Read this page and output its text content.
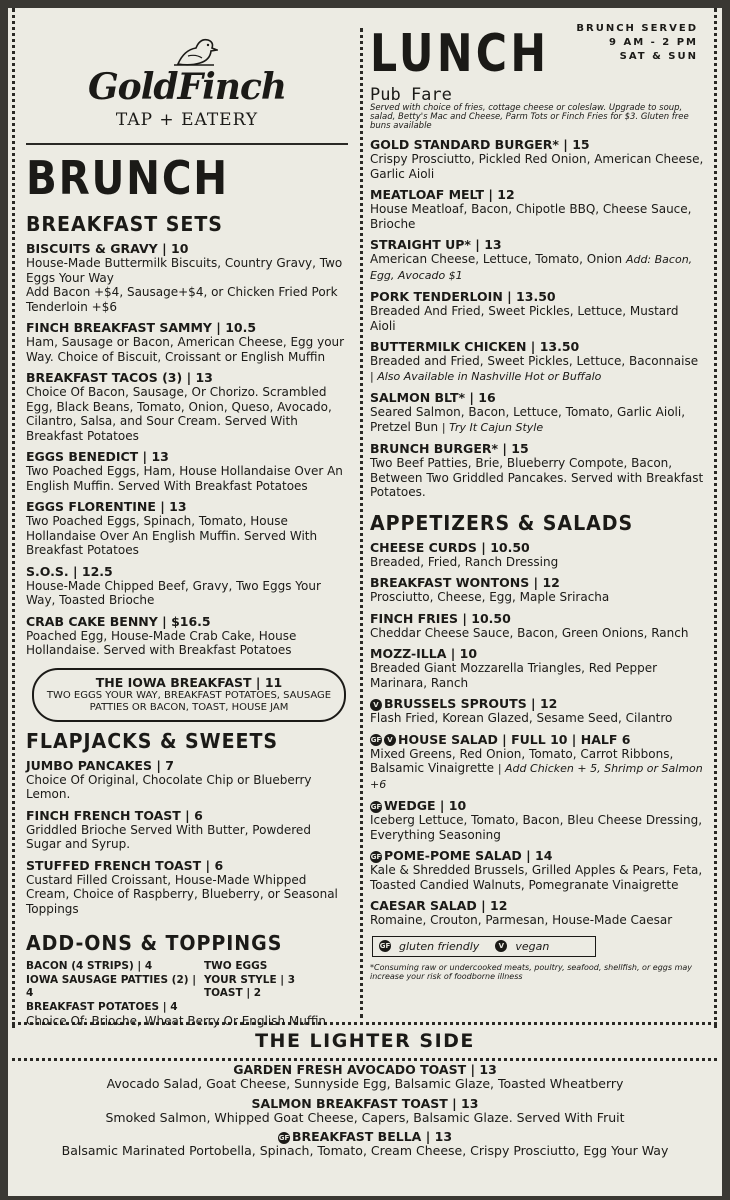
GoldFinch
TAP + EATERY
BRUNCH
BREAKFAST SETS
BISCUITS & GRAVY | 10
House-Made Buttermilk Biscuits, Country Gravy, Two Eggs Your Way
Add Bacon +$4, Sausage+$4, or Chicken Fried Pork Tenderloin +$6
FINCH BREAKFAST SAMMY | 10.5
Ham, Sausage or Bacon, American Cheese, Egg your Way. Choice of Biscuit, Croissant or English Muffin
BREAKFAST TACOS (3) | 13
Choice Of Bacon, Sausage, Or Chorizo. Scrambled Egg, Black Beans, Tomato, Onion, Queso, Avocado, Cilantro, Salsa, and Sour Cream. Served With Breakfast Potatoes
EGGS BENEDICT | 13
Two Poached Eggs, Ham, House Hollandaise Over An English Muffin. Served With Breakfast Potatoes
EGGS FLORENTINE | 13
Two Poached Eggs, Spinach, Tomato, House Hollandaise Over An English Muffin. Served With Breakfast Potatoes
S.O.S. | 12.5
House-Made Chipped Beef, Gravy, Two Eggs Your Way, Toasted Brioche
CRAB CAKE BENNY | $16.5
Poached Egg, House-Made Crab Cake, House Hollandaise. Served with Breakfast Potatoes
THE IOWA BREAKFAST | 11
TWO EGGS YOUR WAY, BREAKFAST POTATOES, SAUSAGE PATTIES OR BACON, TOAST, HOUSE JAM
FLAPJACKS & SWEETS
JUMBO PANCAKES | 7
Choice Of Original, Chocolate Chip or Blueberry Lemon.
FINCH FRENCH TOAST | 6
Griddled Brioche Served With Butter, Powdered Sugar and Syrup.
STUFFED FRENCH TOAST | 6
Custard Filled Croissant, House-Made Whipped Cream, Choice of Raspberry, Blueberry, or Seasonal Toppings
ADD-ONS & TOPPINGS
BACON (4 STRIPS) | 4
IOWA SAUSAGE PATTIES (2) | 4
BREAKFAST POTATOES | 4
TWO EGGS
YOUR STYLE | 3
TOAST | 2
Choice Of: Brioche, Wheat Berry Or English Muffin
LUNCH	BRUNCH SERVED
9 AM - 2 PM
SAT & SUN
Pub Fare
Served with choice of fries, cottage cheese or coleslaw. Upgrade to soup, salad, Betty's Mac and Cheese, Parm Tots or Finch Fries for $3. Gluten free buns available
GOLD STANDARD BURGER* | 15
Crispy Prosciutto, Pickled Red Onion, American Cheese, Garlic Aioli
MEATLOAF MELT | 12
House Meatloaf, Bacon, Chipotle BBQ, Cheese Sauce, Brioche
STRAIGHT UP* | 13
American Cheese, Lettuce, Tomato, Onion Add: Bacon, Egg, Avocado $1
PORK TENDERLOIN | 13.50
Breaded And Fried, Sweet Pickles, Lettuce, Mustard Aioli
BUTTERMILK CHICKEN | 13.50
Breaded and Fried, Sweet Pickles, Lettuce, Baconnaise | Also Available in Nashville Hot or Buffalo
SALMON BLT* | 16
Seared Salmon, Bacon, Lettuce, Tomato, Garlic Aioli, Pretzel Bun | Try It Cajun Style
BRUNCH BURGER* | 15
Two Beef Patties, Brie, Blueberry Compote, Bacon, Between Two Griddled Pancakes. Served with Breakfast Potatoes.
APPETIZERS & SALADS
CHEESE CURDS | 10.50
Breaded, Fried, Ranch Dressing
BREAKFAST WONTONS | 12
Prosciutto, Cheese, Egg, Maple Sriracha
FINCH FRIES | 10.50
Cheddar Cheese Sauce, Bacon, Green Onions, Ranch
MOZZ-ILLA | 10
Breaded Giant Mozzarella Triangles, Red Pepper Marinara, Ranch
V BRUSSELS SPROUTS | 12
Flash Fried, Korean Glazed, Sesame Seed, Cilantro
GF V HOUSE SALAD | FULL 10 | HALF 6
Mixed Greens, Red Onion, Tomato, Carrot Ribbons, Balsamic Vinaigrette | Add Chicken + 5, Shrimp or Salmon +6
GF WEDGE | 10
Iceberg Lettuce, Tomato, Bacon, Bleu Cheese Dressing, Everything Seasoning
GF POME-POME SALAD | 14
Kale & Shredded Brussels, Grilled Apples & Pears, Feta, Toasted Candied Walnuts, Pomegranate Vinaigrette
CAESAR SALAD | 12
Romaine, Crouton, Parmesan, House-Made Caesar
GF gluten friendly	V vegan
*Consuming raw or undercooked meats, poultry, seafood, shellfish, or eggs may increase your risk of foodborne illness
THE LIGHTER SIDE
GARDEN FRESH AVOCADO TOAST | 13
Avocado Salad, Goat Cheese, Sunnyside Egg, Balsamic Glaze, Toasted Wheatberry
SALMON BREAKFAST TOAST | 13
Smoked Salmon, Whipped Goat Cheese, Capers, Balsamic Glaze. Served With Fruit
GF BREAKFAST BELLA | 13
Balsamic Marinated Portobella, Spinach, Tomato, Cream Cheese, Crispy Prosciutto, Egg Your Way
